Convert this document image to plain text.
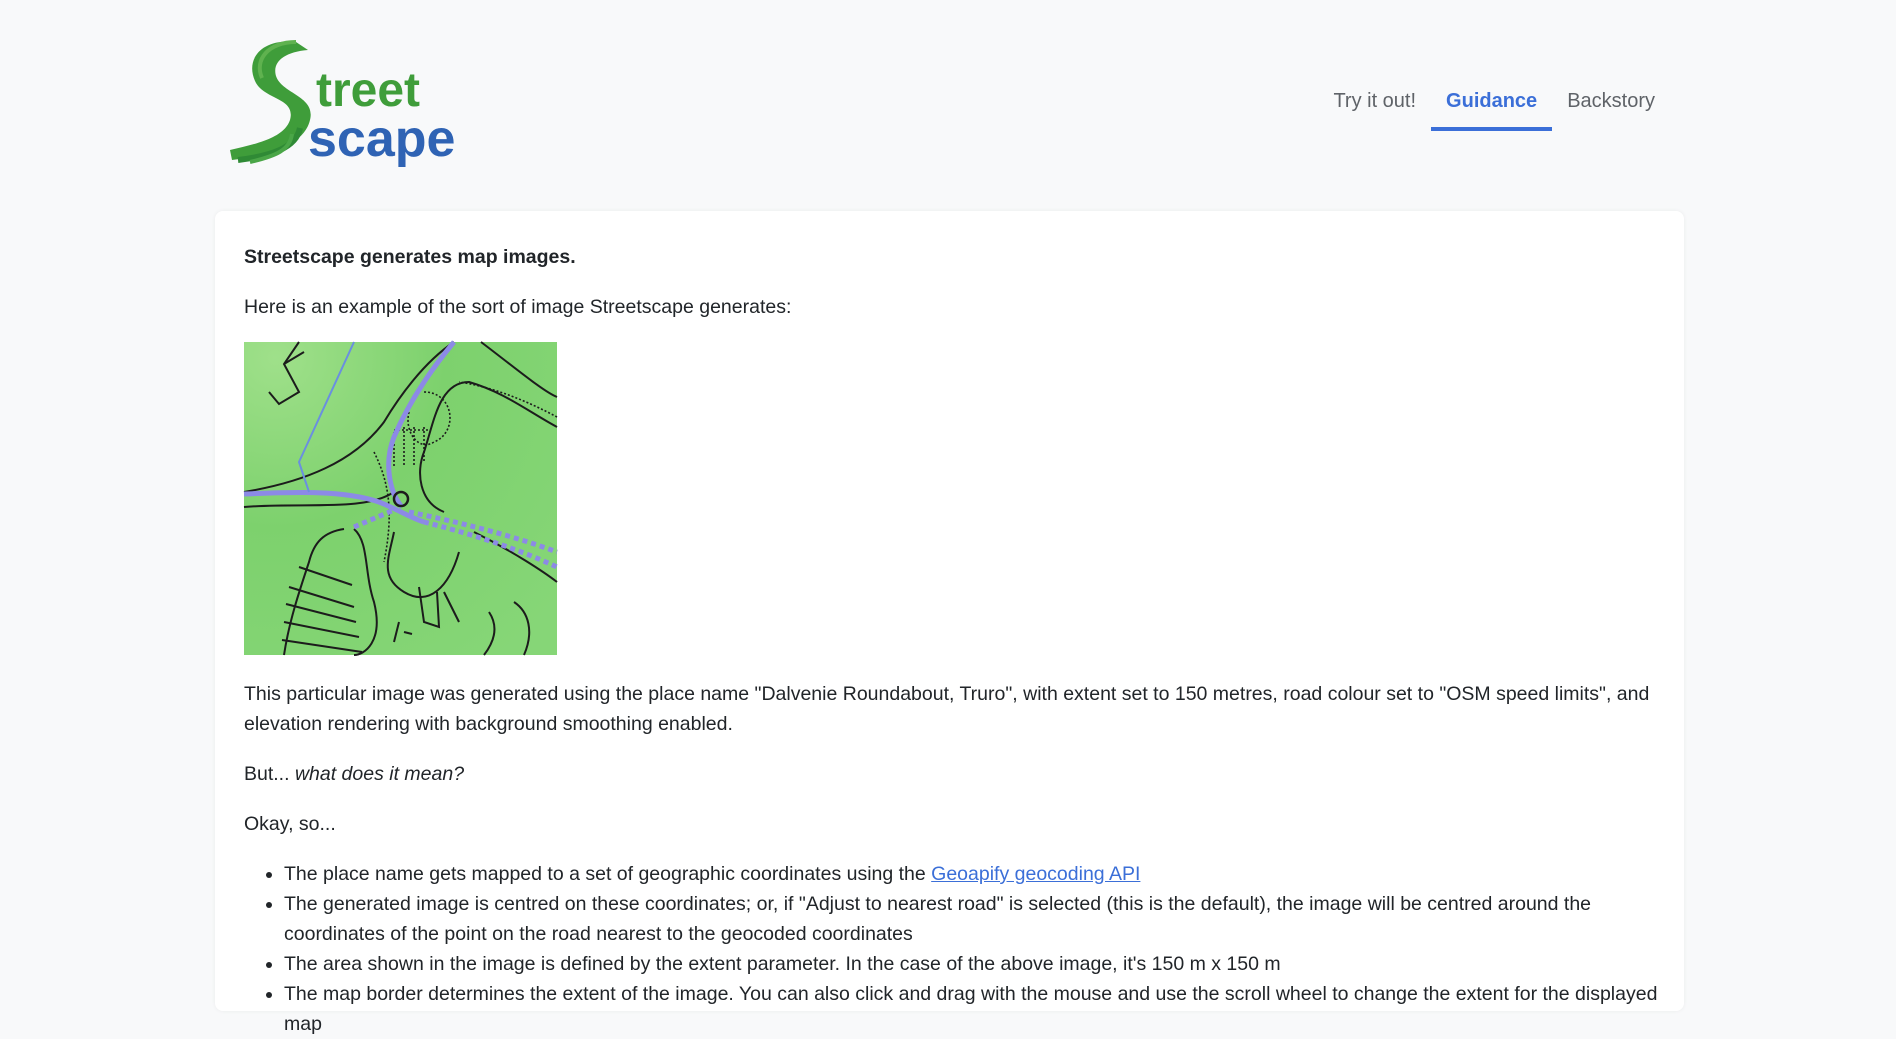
treet
scape
Try it out!	Guidance	Backstory

Streetscape generates map images.

Here is an example of the sort of image Streetscape generates:

This particular image was generated using the place name "Dalvenie Roundabout, Truro", with extent set to 150 metres, road colour set to "OSM speed limits", and elevation rendering with background smoothing enabled.

But... what does it mean?

Okay, so...

• The place name gets mapped to a set of geographic coordinates using the Geoapify geocoding API
• The generated image is centred on these coordinates; or, if "Adjust to nearest road" is selected (this is the default), the image will be centred around the coordinates of the point on the road nearest to the geocoded coordinates
• The area shown in the image is defined by the extent parameter. In the case of the above image, it's 150 m x 150 m
• The map border determines the extent of the image. You can also click and drag with the mouse and use the scroll wheel to change the extent for the displayed map
